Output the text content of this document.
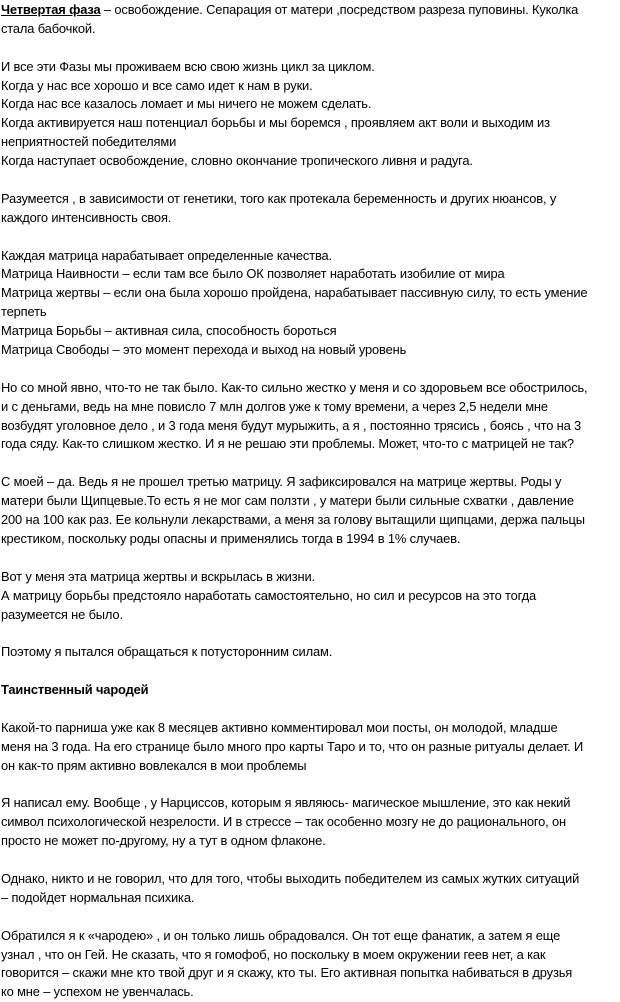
Четвертая фаза – освобождение. Сепарация от матери ,посредством разреза пуповины. Куколка
стала бабочкой.
И все эти Фазы мы проживаем всю свою жизнь цикл за циклом.
Когда у нас все хорошо и все само идет к нам в руки.
Когда нас все казалось ломает и мы ничего не можем сделать.
Когда активируется наш потенциал борьбы и мы боремся , проявляем акт воли и выходим из
неприятностей победителями
Когда наступает освобождение, словно окончание тропического ливня и радуга.
Разумеется , в зависимости от генетики, того как протекала беременность и других нюансов, у
каждого интенсивность своя.
Каждая матрица нарабатывает определенные качества.
Матрица Наивности – если там все было ОК позволяет наработать изобилие от мира
Матрица жертвы – если она была хорошо пройдена, нарабатывает пассивную силу, то есть умение
терпеть
Матрица Борьбы – активная сила, способность бороться
Матрица Свободы – это момент перехода и выход на новый уровень
Но со мной явно, что-то не так было. Как-то сильно жестко у меня и со здоровьем все обострилось,
и с деньгами, ведь на мне повисло 7 млн долгов уже к тому времени, а через 2,5 недели мне
возбудят уголовное дело , и 3 года меня будут мурыжить, а я , постоянно трясись , боясь , что на 3
года сяду. Как-то слишком жестко. И я не решаю эти проблемы. Может, что-то с матрицей не так?
С моей – да. Ведь я не прошел третью матрицу. Я зафиксировался на матрице жертвы. Роды у
матери были Щипцевые.То есть я не мог сам ползти , у матери были сильные схватки , давление
200 на 100 как раз. Ее кольнули лекарствами, а меня за голову вытащили щипцами, держа пальцы
крестиком, поскольку роды опасны и применялись тогда в 1994 в 1% случаев.
Вот у меня эта матрица жертвы и вскрылась в жизни.
А матрицу борьбы предстояло наработать самостоятельно, но сил и ресурсов на это тогда
разумеется не было.
Поэтому я пытался обращаться к потусторонним силам.
Таинственный чародей
Какой-то парниша уже как 8 месяцев активно комментировал мои посты, он молодой, младше
меня на 3 года. На его странице было много про карты Таро и то, что он разные ритуалы делает. И
он как-то прям активно вовлекался в мои проблемы
Я написал ему. Вообще , у Нарциссов, которым я являюсь- магическое мышление, это как некий
символ психологической незрелости. И в стрессе – так особенно мозгу не до рационального, он
просто не может по-другому, ну а тут в одном флаконе.
Однако, никто и не говорил, что для того, чтобы выходить победителем из самых жутких ситуаций
– подойдет нормальная психика.
Обратился я к «чародею» , и он только лишь обрадовался. Он тот еще фанатик, а затем я еще
узнал , что он Гей. Не сказать, что я гомофоб, но поскольку в моем окружении геев нет, а как
говорится – скажи мне кто твой друг и я скажу, кто ты. Его активная попытка набиваться в друзья
ко мне – успехом не увенчалась.
